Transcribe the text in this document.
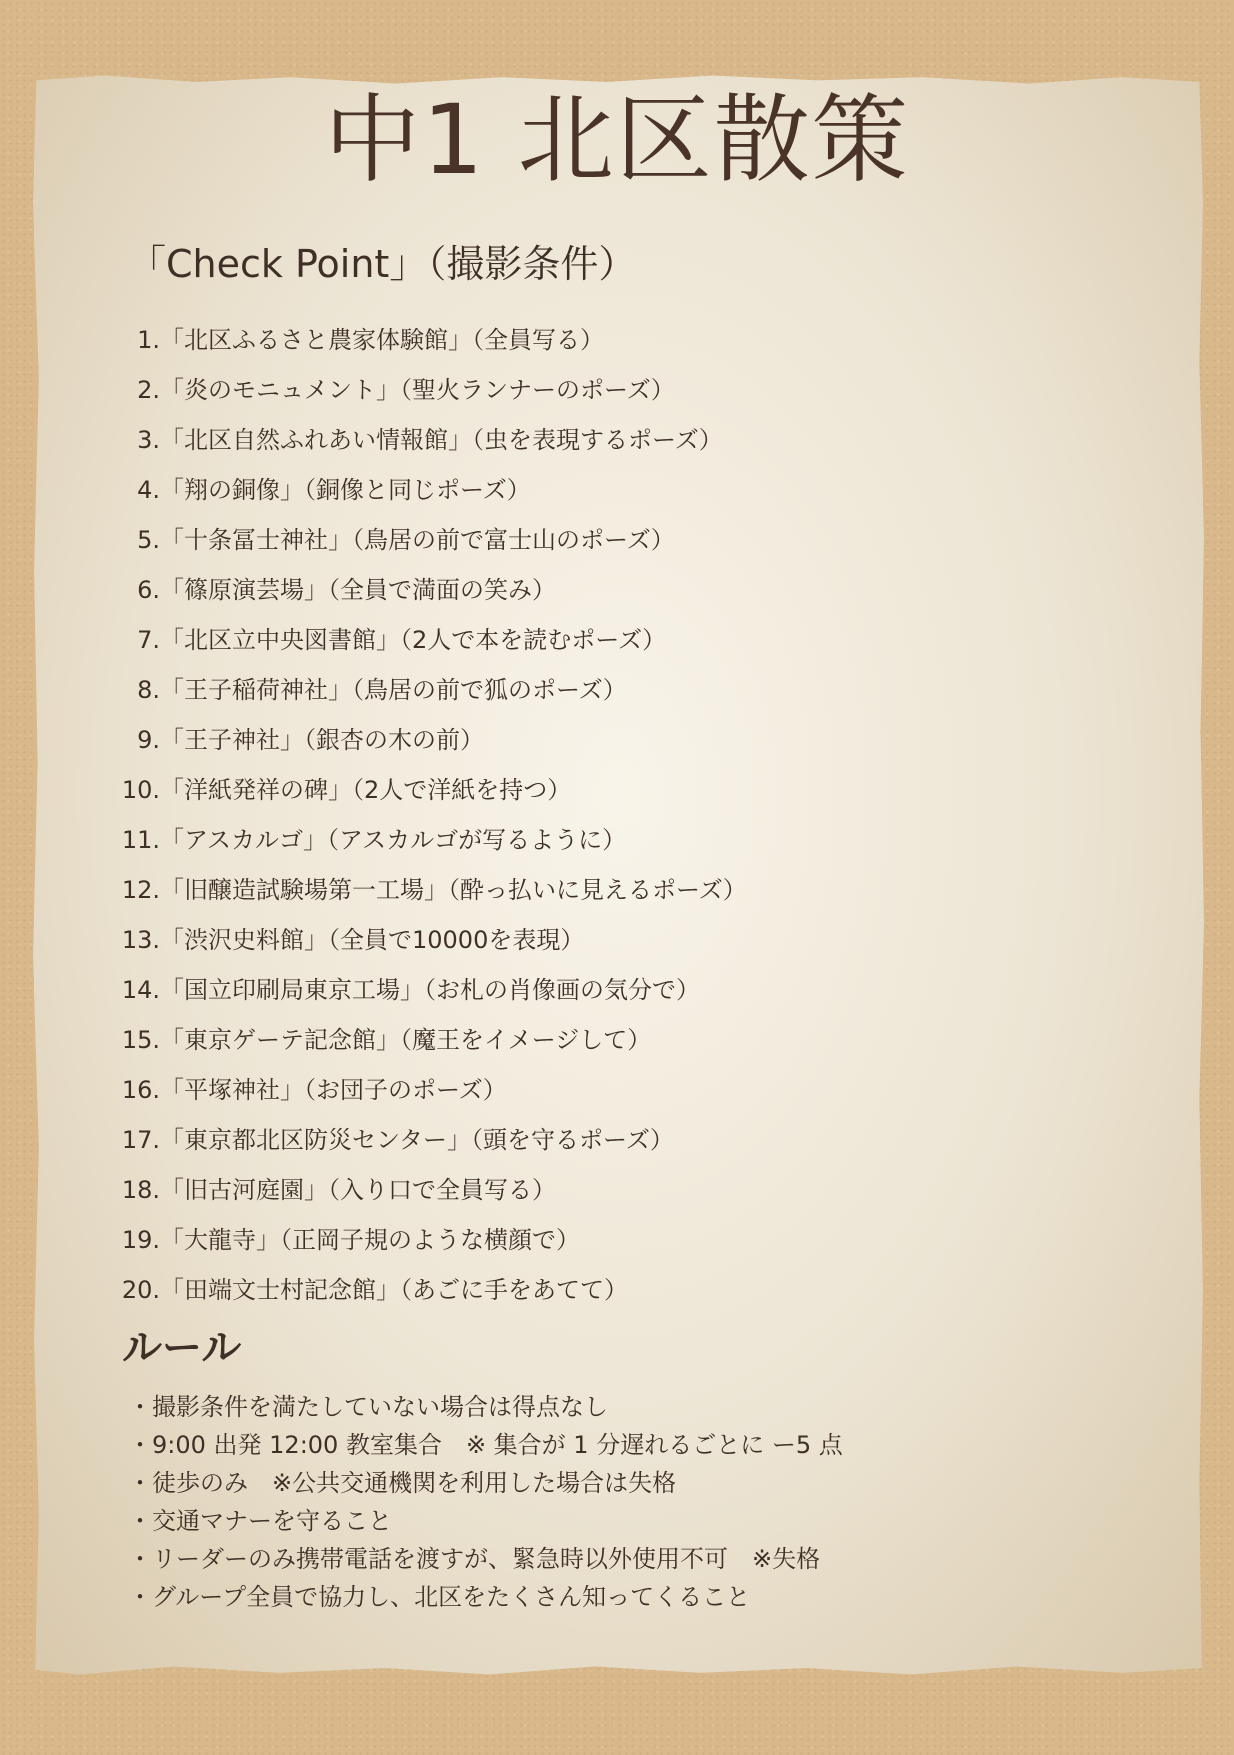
中1 北区散策
「Check Point」（撮影条件）
1. 「北区ふるさと農家体験館」（全員写る）
2. 「炎のモニュメント」（聖火ランナーのポーズ）
3. 「北区自然ふれあい情報館」（虫を表現するポーズ）
4. 「翔の銅像」（銅像と同じポーズ）
5. 「十条冨士神社」（鳥居の前で富士山のポーズ）
6. 「篠原演芸場」（全員で満面の笑み）
7. 「北区立中央図書館」（2人で本を読むポーズ）
8. 「王子稲荷神社」（鳥居の前で狐のポーズ）
9. 「王子神社」（銀杏の木の前）
10. 「洋紙発祥の碑」（2人で洋紙を持つ）
11. 「アスカルゴ」（アスカルゴが写るように）
12. 「旧醸造試験場第一工場」（酔っ払いに見えるポーズ）
13. 「渋沢史料館」（全員で10000を表現）
14. 「国立印刷局東京工場」（お札の肖像画の気分で）
15. 「東京ゲーテ記念館」（魔王をイメージして）
16. 「平塚神社」（お団子のポーズ）
17. 「東京都北区防災センター」（頭を守るポーズ）
18. 「旧古河庭園」（入り口で全員写る）
19. 「大龍寺」（正岡子規のような横顔で）
20. 「田端文士村記念館」（あごに手をあてて）
ルール
・撮影条件を満たしていない場合は得点なし
・9:00 出発 12:00 教室集合　※ 集合が 1 分遅れるごとに ー5 点
・徒歩のみ　※公共交通機関を利用した場合は失格
・交通マナーを守ること
・リーダーのみ携帯電話を渡すが、緊急時以外使用不可　※失格
・グループ全員で協力し、北区をたくさん知ってくること
